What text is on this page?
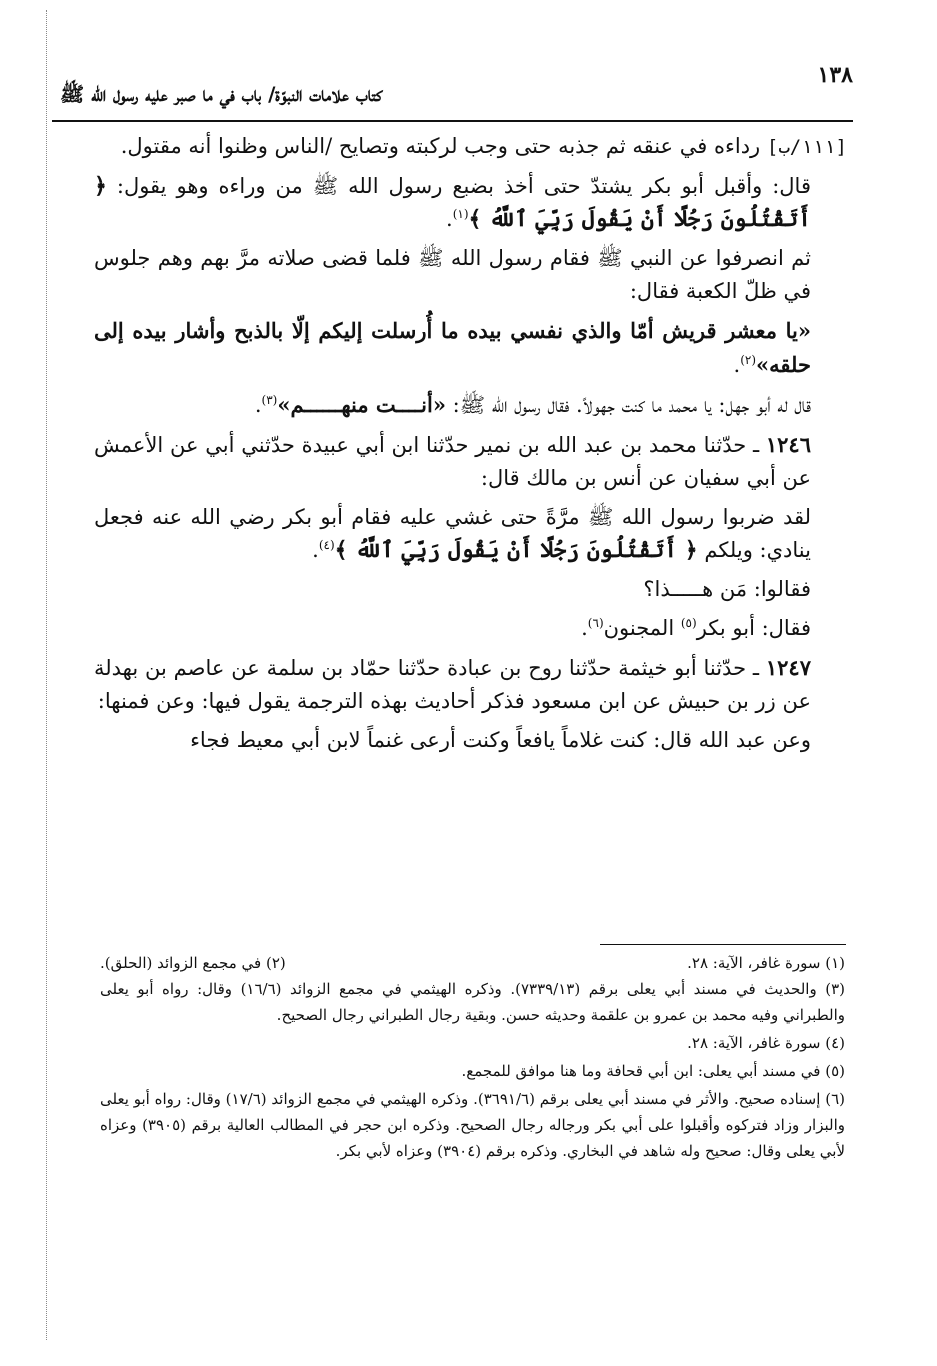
١٣٨
كتاب علامات النبوّة/ باب في ما صبر عليه رسول الله ﷺ

[١١١/ب] رداءه في عنقه ثم جذبه حتى وجب لركبته وتصايح /الناس وظنوا أنه مقتول.

قال: وأقبل أبو بكر يشتدّ حتى أخذ بضبع رسول الله ﷺ من وراءه وهو يقول: ﴿ أَتَقْتُلُونَ رَجُلًا أَنْ يَقُولَ رَبِّيَ ٱللَّهُ ﴾$^{(١)}$.

ثم انصرفوا عن النبي ﷺ فقام رسول الله ﷺ فلما قضى صلاته مرَّ بهم وهم جلوس في ظلّ الكعبة فقال:

«يا معشر قريش أمّا والذي نفسي بيده ما أُرسلت إليكم إلّا بالذبح وأشار بيده إلى حلقه»$^{(٢)}$.

قال له أبو جهل: يا محمد ما كنت جهولاً. فقال رسول الله ﷺ: «أنــــت منهــــــم»$^{(٣)}$.

١٢٤٦ ـ حدّثنا محمد بن عبد الله بن نمير حدّثنا ابن أبي عبيدة حدّثني أبي عن الأعمش عن أبي سفيان عن أنس بن مالك قال:

لقد ضربوا رسول الله ﷺ مرَّةً حتى غشي عليه فقام أبو بكر رضي الله عنه فجعل ينادي: ويلكم ﴿ أَتَقْتُلُونَ رَجُلًا أَنْ يَقُولَ رَبِّيَ ٱللَّهُ ﴾$^{(٤)}$.

فقالوا: مَن هـــــذا؟

فقال: أبو بكر$^{(٥)}$ المجنون$^{(٦)}$.

١٢٤٧ ـ حدّثنا أبو خيثمة حدّثنا روح بن عبادة حدّثنا حمّاد بن سلمة عن عاصم بن بهدلة عن زر بن حبيش عن ابن مسعود فذكر أحاديث بهذه الترجمة يقول فيها: وعن فمنها:

وعن عبد الله قال: كنت غلاماً يافعاً وكنت أرعى غنماً لابن أبي معيط فجاء

(١) سورة غافر، الآية: ٢٨.
(٢) في مجمع الزوائد (الحلق).

(٣) والحديث في مسند أبي يعلى برقم (٧٣٣٩/١٣). وذكره الهيثمي في مجمع الزوائد (١٦/٦) وقال: رواه أبو يعلى والطبراني وفيه محمد بن عمرو بن علقمة وحديثه حسن. وبقية رجال الطبراني رجال الصحيح.

(٤) سورة غافر، الآية: ٢٨.

(٥) في مسند أبي يعلى: ابن أبي قحافة وما هنا موافق للمجمع.

(٦) إسناده صحيح. والأثر في مسند أبي يعلى برقم (٣٦٩١/٦). وذكره الهيثمي في مجمع الزوائد (١٧/٦) وقال: رواه أبو يعلى والبزار وزاد فتركوه وأقبلوا على أبي بكر ورجاله رجال الصحيح. وذكره ابن حجر في المطالب العالية برقم (٣٩٠٥) وعزاه لأبي يعلى وقال: صحيح وله شاهد في البخاري. وذكره برقم (٣٩٠٤) وعزاه لأبي بكر.
